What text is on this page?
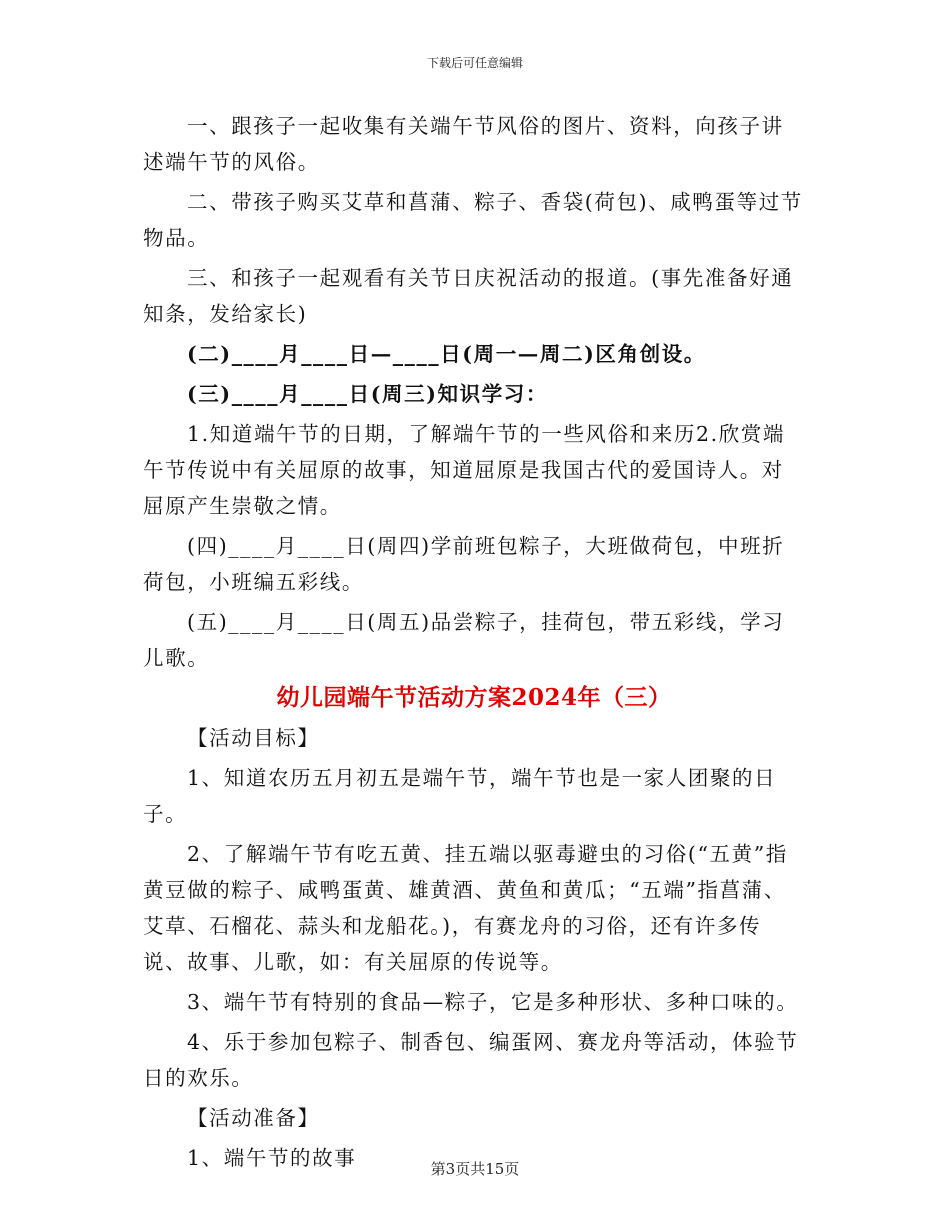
下载后可任意编辑

一、跟孩子一起收集有关端午节风俗的图片、资料，向孩子讲述端午节的风俗。

二、带孩子购买艾草和菖蒲、粽子、香袋(荷包)、咸鸭蛋等过节物品。

三、和孩子一起观看有关节日庆祝活动的报道。(事先准备好通知条，发给家长)

(二)____月____日—____日(周一—周二)区角创设。

(三)____月____日(周三)知识学习：

1.知道端午节的日期，了解端午节的一些风俗和来历2.欣赏端午节传说中有关屈原的故事，知道屈原是我国古代的爱国诗人。对屈原产生崇敬之情。

(四)____月____日(周四)学前班包粽子，大班做荷包，中班折荷包，小班编五彩线。

(五)____月____日(周五)品尝粽子，挂荷包，带五彩线，学习儿歌。

幼儿园端午节活动方案2024年（三）

【活动目标】

1、知道农历五月初五是端午节，端午节也是一家人团聚的日子。

2、了解端午节有吃五黄、挂五端以驱毒避虫的习俗(“五黄”指黄豆做的粽子、咸鸭蛋黄、雄黄酒、黄鱼和黄瓜；“五端”指菖蒲、艾草、石榴花、蒜头和龙船花。)，有赛龙舟的习俗，还有许多传说、故事、儿歌，如：有关屈原的传说等。

3、端午节有特别的食品—粽子，它是多种形状、多种口味的。

4、乐于参加包粽子、制香包、编蛋网、赛龙舟等活动，体验节日的欢乐。

【活动准备】

1、端午节的故事	第3页共15页
